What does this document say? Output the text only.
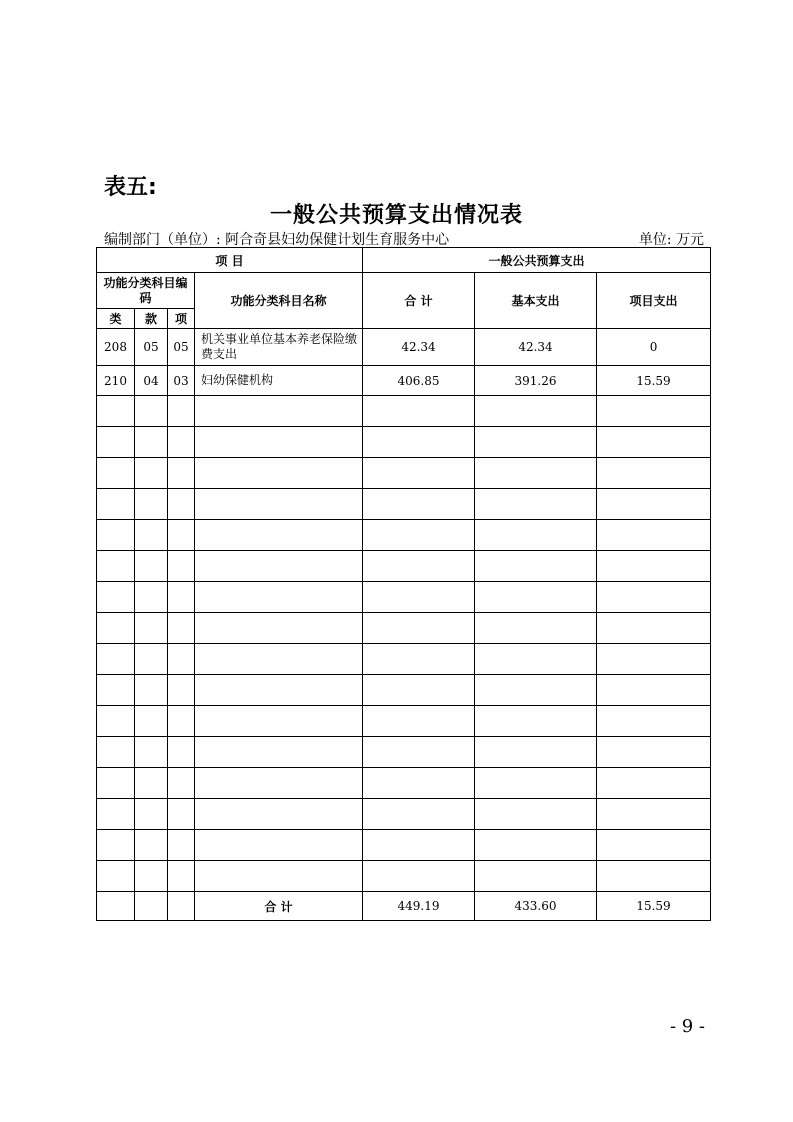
表五:
一般公共预算支出情况表
编制部门（单位）: 阿合奇县妇幼保健计划生育服务中心	单位: 万元
项 目				一般公共预算支出		
功能分类科目编码			功能分类科目名称	合 计	基本支出	项目支出
类	款	项				
208	05	05	机关事业单位基本养老保险缴费支出	42.34	42.34	0
210	04	03	妇幼保健机构	406.85	391.26	15.59

			合 计	449.19	433.60	15.59
- 9 -
